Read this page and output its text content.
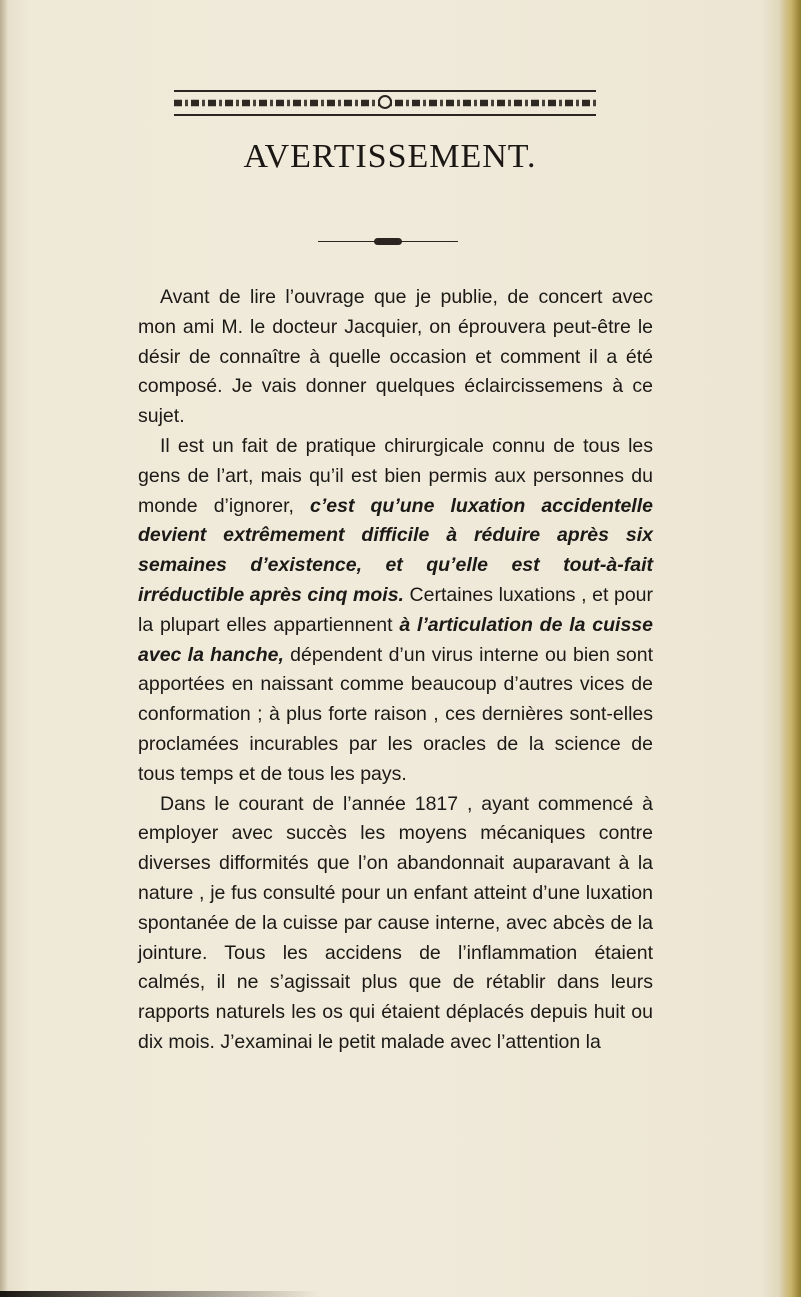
AVERTISSEMENT.

Avant de lire l’ouvrage que je publie, de concert avec mon ami M. le docteur Jacquier, on éprouvera peut-être le désir de connaître à quelle occasion et comment il a été composé. Je vais donner quelques éclaircissemens à ce sujet.

Il est un fait de pratique chirurgicale connu de tous les gens de l’art, mais qu’il est bien permis aux personnes du monde d’ignorer, c’est qu’une luxation accidentelle devient extrêmement difficile à réduire après six semaines d’existence, et qu’elle est tout-à-fait irréductible après cinq mois. Certaines luxations , et pour la plupart elles appartiennent à l’articulation de la cuisse avec la hanche, dépendent d’un virus interne ou bien sont apportées en naissant comme beaucoup d’autres vices de conformation ; à plus forte raison , ces dernières sont-elles proclamées incurables par les oracles de la science de tous temps et de tous les pays.

Dans le courant de l’année 1817 , ayant commencé à employer avec succès les moyens mécaniques contre diverses difformités que l’on abandonnait auparavant à la nature , je fus consulté pour un enfant atteint d’une luxation spontanée de la cuisse par cause interne, avec abcès de la jointure. Tous les accidens de l’inflammation étaient calmés, il ne s’agissait plus que de rétablir dans leurs rapports naturels les os qui étaient déplacés depuis huit ou dix mois. J’examinai le petit malade avec l’attention la
